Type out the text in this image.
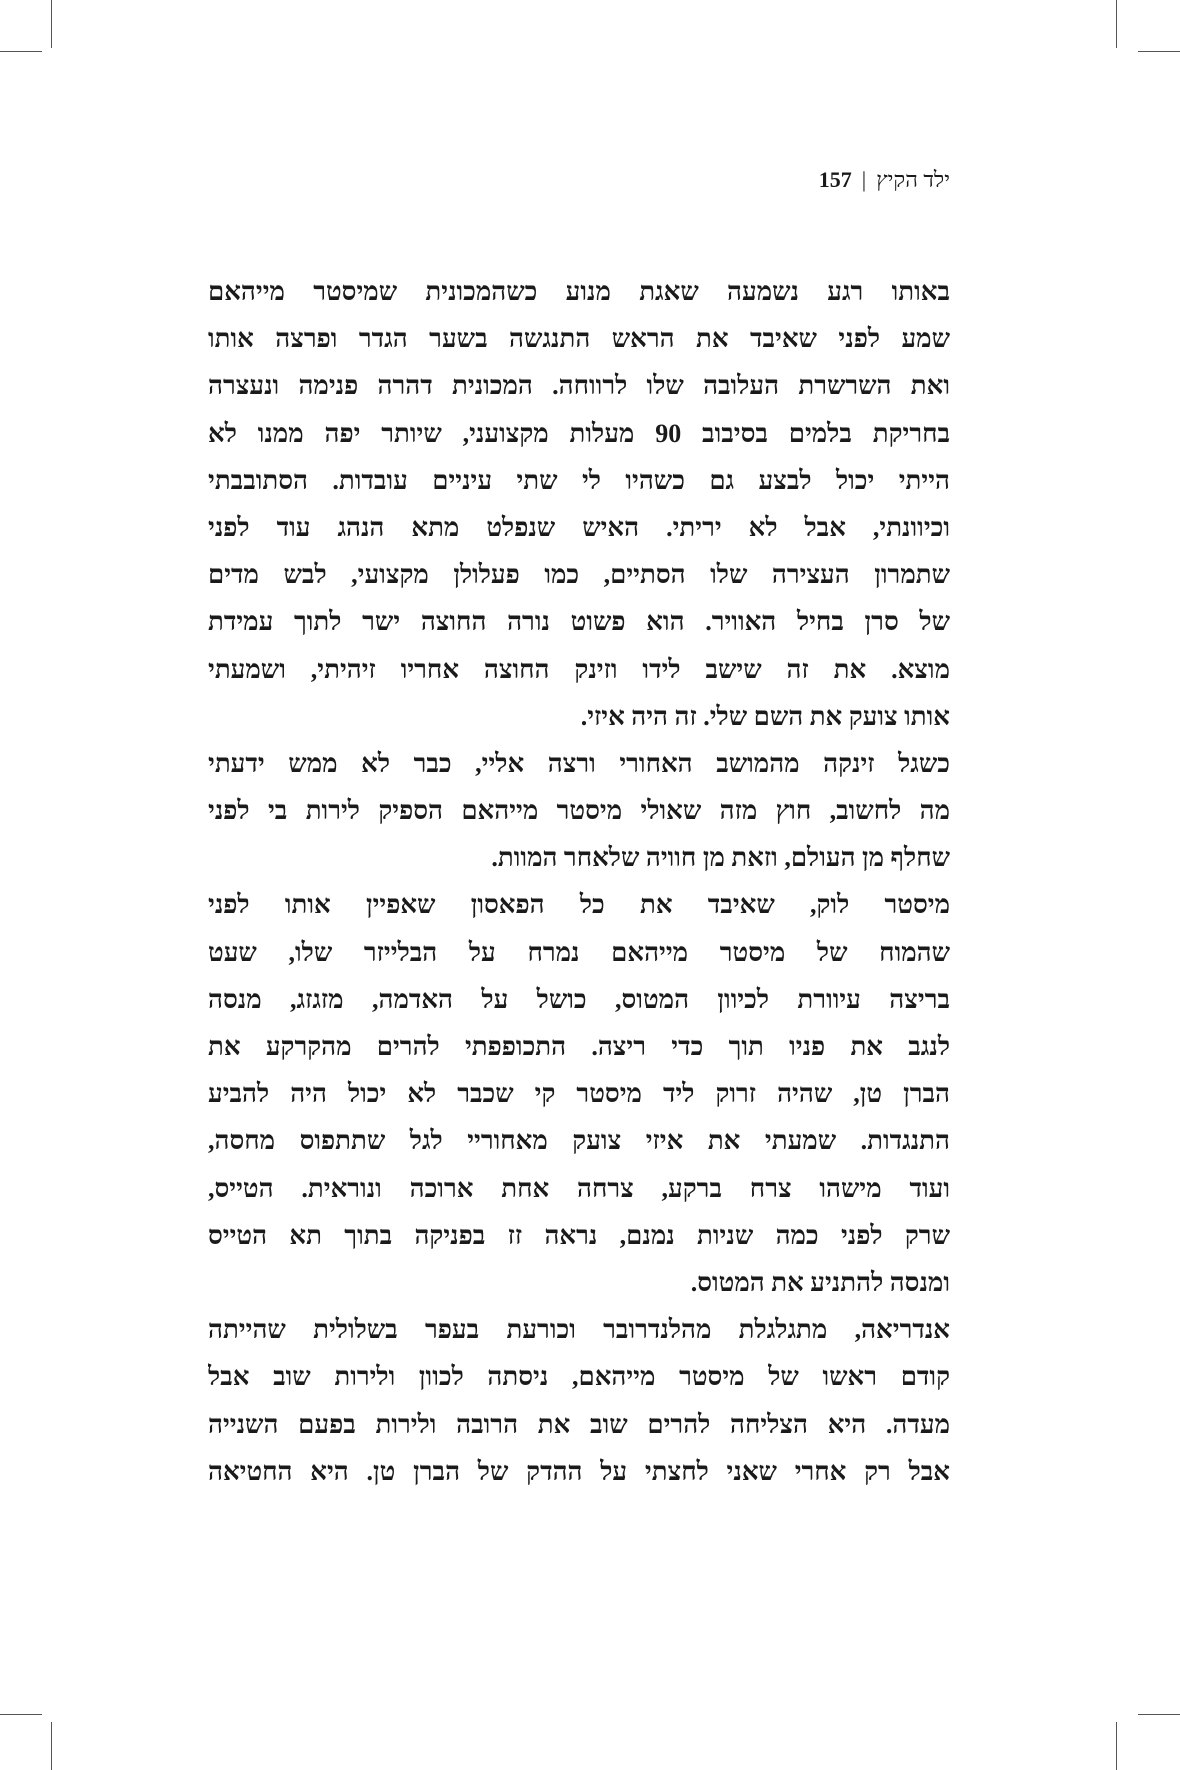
ילד הקיץ|157
באותו רגע נשמעה שאגת מנוע כשהמכונית שמיסטר מייהאם
שמע לפני שאיבד את הראש התנגשה בשער הגדר ופרצה אותו
ואת השרשרת העלובה שלו לרווחה. המכונית דהרה פנימה ונעצרה
בחריקת בלמים בסיבוב 90 מעלות מקצועני, שיותר יפה ממנו לא
הייתי יכול לבצע גם כשהיו לי שתי עיניים עובדות. הסתובבתי
וכיוונתי, אבל לא יריתי. האיש שנפלט מתא הנהג עוד לפני
שתמרון העצירה שלו הסתיים, כמו פעלולן מקצועי, לבש מדים
של סרן בחיל האוויר. הוא פשוט נורה החוצה ישר לתוך עמידת
מוצא. את זה שישב לידו וזינק החוצה אחריו זיהיתי, ושמעתי
אותו צועק את השם שלי. זה היה איזי.
כשגל זינקה מהמושב האחורי ורצה אליי, כבר לא ממש ידעתי
מה לחשוב, חוץ מזה שאולי מיסטר מייהאם הספיק לירות בי לפני
שחלף מן העולם, וזאת מן חוויה שלאחר המוות.
מיסטר לוק, שאיבד את כל הפאסון שאפיין אותו לפני
שהמוח של מיסטר מייהאם נמרח על הבלייזר שלו, שעט
בריצה עיוורת לכיוון המטוס, כושל על האדמה, מזגזג, מנסה
לנגב את פניו תוך כדי ריצה. התכופפתי להרים מהקרקע את
הברן טן, שהיה זרוק ליד מיסטר קי שכבר לא יכול היה להביע
התנגדות. שמעתי את איזי צועק מאחוריי לגל שתתפוס מחסה,
ועוד מישהו צרח ברקע, צרחה אחת ארוכה ונוראית. הטייס,
שרק לפני כמה שניות נמנם, נראה זז בפניקה בתוך תא הטייס
ומנסה להתניע את המטוס.
אנדריאה, מתגלגלת מהלנדרובר וכורעת בעפר בשלולית שהייתה
קודם ראשו של מיסטר מייהאם, ניסתה לכוון ולירות שוב אבל
מעדה. היא הצליחה להרים שוב את הרובה ולירות בפעם השנייה
אבל רק אחרי שאני לחצתי על ההדק של הברן טן. היא החטיאה
